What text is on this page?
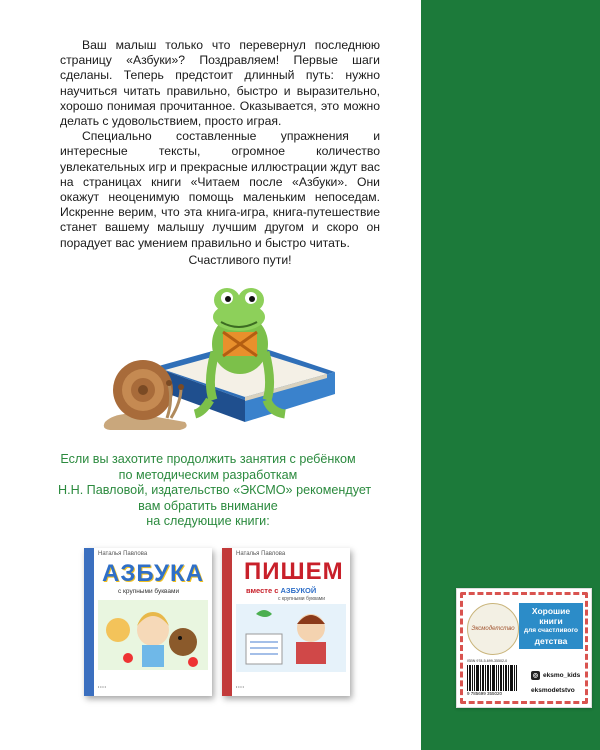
Ваш малыш только что перевернул последнюю страницу «Азбуки»? Поздравляем! Первые шаги сделаны. Теперь предстоит длинный путь: нужно научиться читать правильно, быстро и выразительно, хорошо понимая прочитанное. Оказывается, это можно делать с удовольствием, просто играя.

Специально составленные упражнения и интересные тексты, огромное количество увлекательных игр и прекрасные иллюстрации ждут вас на страницах книги «Читаем после «Азбуки». Они окажут неоценимую помощь маленьким непоседам. Искренне верим, что эта книга-игра, книга-путешествие станет вашему малышу лучшим другом и скоро он порадует вас умением правильно и быстро читать.

Счастливого пути!

Если вы захотите продолжить занятия с ребёнком
по методическим разработкам
Н.Н. Павловой, издательство «ЭКСМО» рекомендует
вам обратить внимание
на следующие книги:
Наталья Павлова
АЗБУКА
с крупными буквами
• • • •
Наталья Павлова
ПИШЕМ
вместе с АЗБУКОЙ
с крупными буквами
• • • •
Эксмодетство
Хорошие
книги
для счастливого
детства
ISBN 978-5-699-35502-0
9 785699 355020
◎ eksmo_kids
eksmodetstvo
